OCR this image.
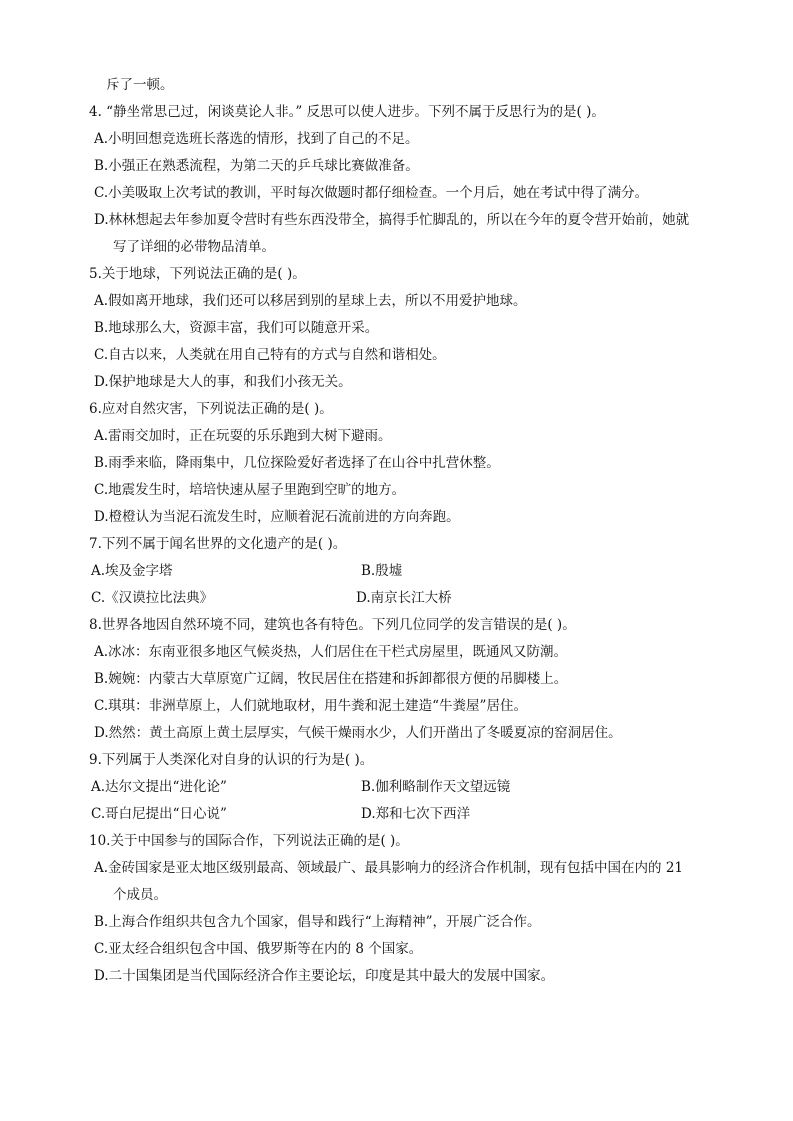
斥了一顿。
4. “静坐常思己过，闲谈莫论人非。” 反思可以使人进步。下列不属于反思行为的是( )。
A.小明回想竞选班长落选的情形，找到了自己的不足。
B.小强正在熟悉流程，为第二天的乒乓球比赛做准备。
C.小美吸取上次考试的教训，平时每次做题时都仔细检查。一个月后，她在考试中得了满分。
D.林林想起去年参加夏令营时有些东西没带全，搞得手忙脚乱的，所以在今年的夏令营开始前，她就
写了详细的必带物品清单。
5.关于地球，下列说法正确的是( )。
A.假如离开地球，我们还可以移居到别的星球上去，所以不用爱护地球。
B.地球那么大，资源丰富，我们可以随意开采。
C.自古以来，人类就在用自己特有的方式与自然和谐相处。
D.保护地球是大人的事，和我们小孩无关。
6.应对自然灾害，下列说法正确的是( )。
A.雷雨交加时，正在玩耍的乐乐跑到大树下避雨。
B.雨季来临，降雨集中，几位探险爱好者选择了在山谷中扎营休整。
C.地震发生时，培培快速从屋子里跑到空旷的地方。
D.橙橙认为当泥石流发生时，应顺着泥石流前进的方向奔跑。
7.下列不属于闻名世界的文化遗产的是( )。
A.埃及金字塔	B.殷墟
C.《汉谟拉比法典》	D.南京长江大桥
8.世界各地因自然环境不同，建筑也各有特色。下列几位同学的发言错误的是( )。
A.冰冰：东南亚很多地区气候炎热，人们居住在干栏式房屋里，既通风又防潮。
B.婉婉：内蒙古大草原宽广辽阔，牧民居住在搭建和拆卸都很方便的吊脚楼上。
C.琪琪：非洲草原上，人们就地取材，用牛粪和泥土建造“牛粪屋”居住。
D.然然：黄土高原上黄土层厚实，气候干燥雨水少，人们开凿出了冬暖夏凉的窑洞居住。
9.下列属于人类深化对自身的认识的行为是( )。
A.达尔文提出“进化论”	B.伽利略制作天文望远镜
C.哥白尼提出“日心说”	D.郑和七次下西洋
10.关于中国参与的国际合作，下列说法正确的是( )。
A.金砖国家是亚太地区级别最高、领域最广、最具影响力的经济合作机制，现有包括中国在内的 21
个成员。
B.上海合作组织共包含九个国家，倡导和践行“上海精神”，开展广泛合作。
C.亚太经合组织包含中国、俄罗斯等在内的 8 个国家。
D.二十国集团是当代国际经济合作主要论坛，印度是其中最大的发展中国家。
